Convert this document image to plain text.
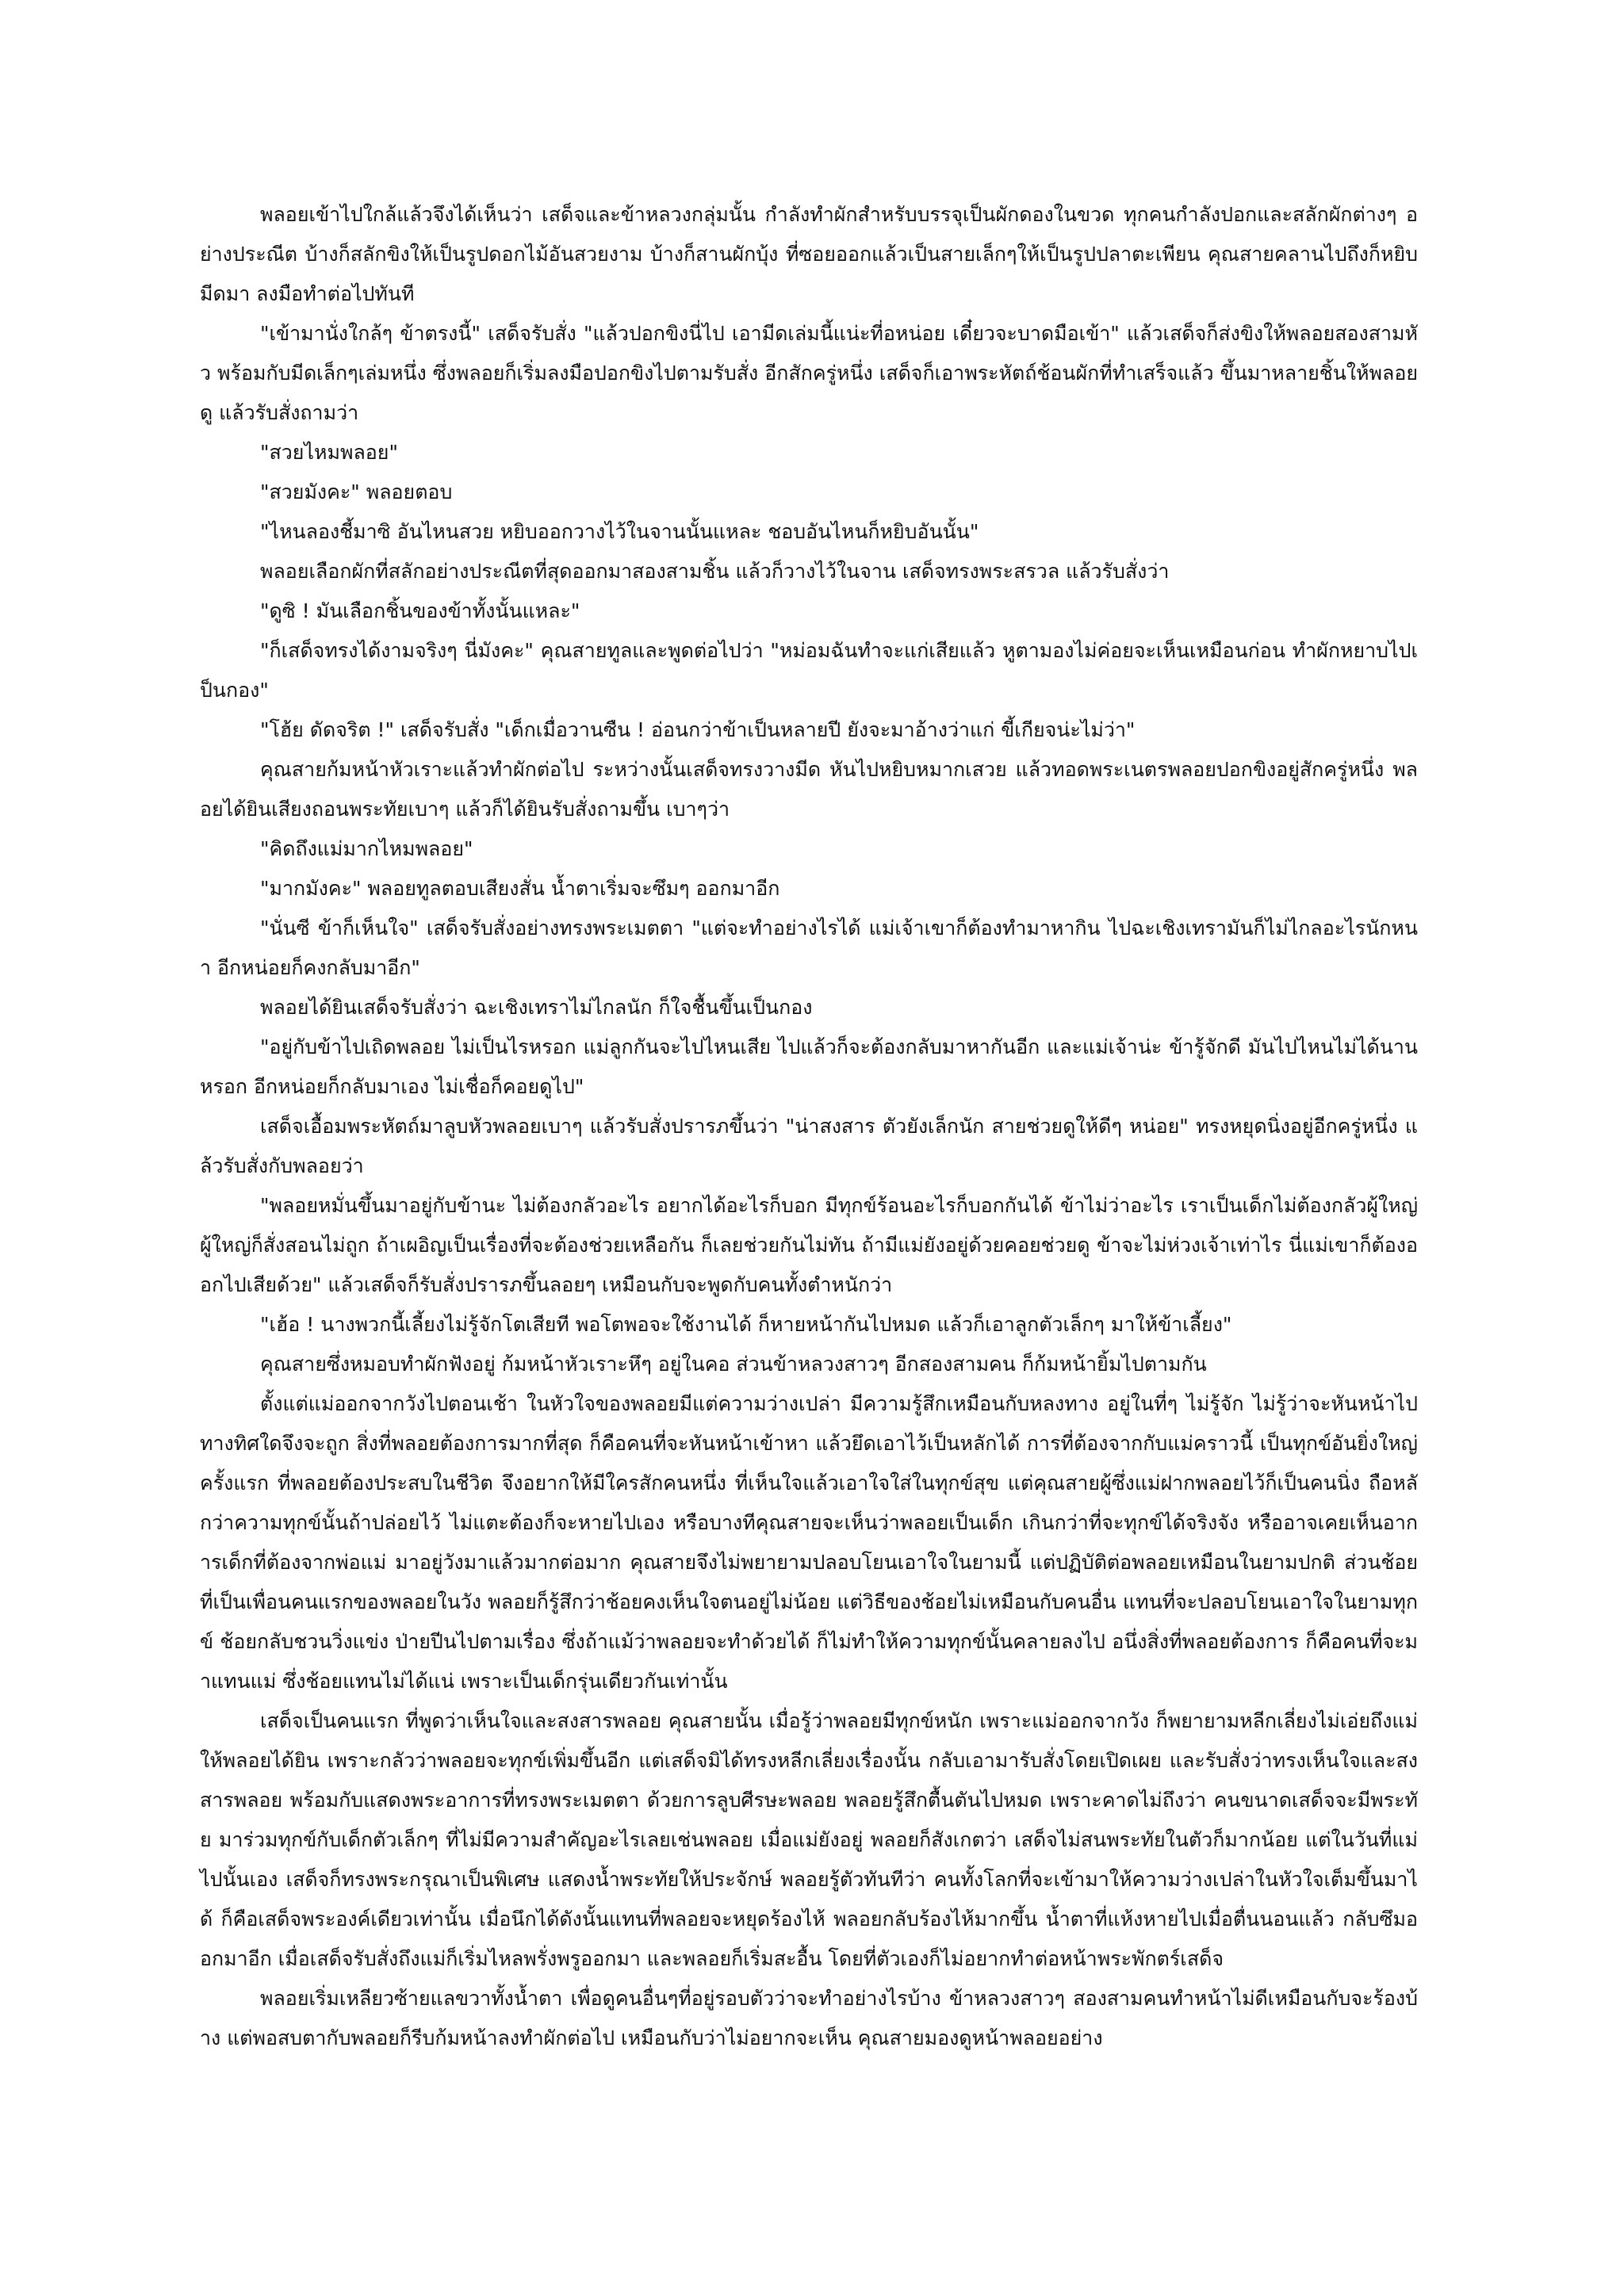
พลอยเข้าไปใกล้แล้วจึงได้เห็นว่า เสด็จและข้าหลวงกลุ่มนั้น กำลังทำผักสำหรับบรรจุเป็นผักดองในขวด ทุกคนกำลังปอกและสลักผักต่างๆ อย่างประณีต บ้างก็สลักขิงให้เป็นรูปดอกไม้อันสวยงาม บ้างก็สานผักบุ้ง ที่ซอยออกแล้วเป็นสายเล็กๆให้เป็นรูปปลาตะเพียน คุณสายคลานไปถึงก็หยิบมีดมา ลงมือทำต่อไปทันที

"เข้ามานั่งใกล้ๆ ข้าตรงนี้" เสด็จรับสั่ง "แล้วปอกขิงนี่ไป เอามีดเล่มนี้แน่ะที่อหน่อย เดี๋ยวจะบาดมือเข้า" แล้วเสด็จก็ส่งขิงให้พลอยสองสามหัว พร้อมกับมีดเล็กๆเล่มหนึ่ง ซึ่งพลอยก็เริ่มลงมือปอกขิงไปตามรับสั่ง อีกสักครู่หนึ่ง เสด็จก็เอาพระหัตถ์ช้อนผักที่ทำเสร็จแล้ว ขึ้นมาหลายชิ้นให้พลอยดู แล้วรับสั่งถามว่า

"สวยไหมพลอย"

"สวยมังคะ" พลอยตอบ

"ไหนลองชี้มาซิ อันไหนสวย หยิบออกวางไว้ในจานนั้นแหละ ชอบอันไหนก็หยิบอันนั้น"

พลอยเลือกผักที่สลักอย่างประณีตที่สุดออกมาสองสามชิ้น แล้วก็วางไว้ในจาน เสด็จทรงพระสรวล แล้วรับสั่งว่า

"ดูซิ ! มันเลือกชิ้นของข้าทั้งนั้นแหละ"

"ก็เสด็จทรงได้งามจริงๆ นี่มังคะ" คุณสายทูลและพูดต่อไปว่า "หม่อมฉันทำจะแก่เสียแล้ว หูตามองไม่ค่อยจะเห็นเหมือนก่อน ทำผักหยาบไปเป็นกอง"

"โฮ้ย ดัดจริต !" เสด็จรับสั่ง "เด็กเมื่อวานซืน ! อ่อนกว่าข้าเป็นหลายปี ยังจะมาอ้างว่าแก่ ขี้เกียจน่ะไม่ว่า"

คุณสายก้มหน้าหัวเราะแล้วทำผักต่อไป ระหว่างนั้นเสด็จทรงวางมีด หันไปหยิบหมากเสวย แล้วทอดพระเนตรพลอยปอกขิงอยู่สักครู่หนึ่ง พลอยได้ยินเสียงถอนพระทัยเบาๆ แล้วก็ได้ยินรับสั่งถามขึ้น เบาๆว่า

"คิดถึงแม่มากไหมพลอย"

"มากมังคะ" พลอยทูลตอบเสียงสั่น น้ำตาเริ่มจะซึมๆ ออกมาอีก

"นั่นซี ข้าก็เห็นใจ" เสด็จรับสั่งอย่างทรงพระเมตตา "แต่จะทำอย่างไรได้ แม่เจ้าเขาก็ต้องทำมาหากิน ไปฉะเชิงเทรามันก็ไม่ไกลอะไรนักหนา อีกหน่อยก็คงกลับมาอีก"

พลอยได้ยินเสด็จรับสั่งว่า ฉะเชิงเทราไม่ไกลนัก ก็ใจชื้นขึ้นเป็นกอง

"อยู่กับข้าไปเถิดพลอย ไม่เป็นไรหรอก แม่ลูกกันจะไปไหนเสีย ไปแล้วก็จะต้องกลับมาหากันอีก และแม่เจ้าน่ะ ข้ารู้จักดี มันไปไหนไม่ได้นานหรอก อีกหน่อยก็กลับมาเอง ไม่เชื่อก็คอยดูไป"

เสด็จเอื้อมพระหัตถ์มาลูบหัวพลอยเบาๆ แล้วรับสั่งปรารภขึ้นว่า "น่าสงสาร ตัวยังเล็กนัก สายช่วยดูให้ดีๆ หน่อย" ทรงหยุดนิ่งอยู่อีกครู่หนึ่ง แล้วรับสั่งกับพลอยว่า

"พลอยหมั่นขึ้นมาอยู่กับข้านะ ไม่ต้องกลัวอะไร อยากได้อะไรก็บอก มีทุกข์ร้อนอะไรก็บอกกันได้ ข้าไม่ว่าอะไร เราเป็นเด็กไม่ต้องกลัวผู้ใหญ่ ผู้ใหญ่ก็สั่งสอนไม่ถูก ถ้าเผอิญเป็นเรื่องที่จะต้องช่วยเหลือกัน ก็เลยช่วยกันไม่ทัน ถ้ามีแม่ยังอยู่ด้วยคอยช่วยดู ข้าจะไม่ห่วงเจ้าเท่าไร นี่แม่เขาก็ต้องออกไปเสียด้วย" แล้วเสด็จก็รับสั่งปรารภขึ้นลอยๆ เหมือนกับจะพูดกับคนทั้งตำหนักว่า

"เฮ้อ ! นางพวกนี้เลี้ยงไม่รู้จักโตเสียที พอโตพอจะใช้งานได้ ก็หายหน้ากันไปหมด แล้วก็เอาลูกตัวเล็กๆ มาให้ข้าเลี้ยง"

คุณสายซึ่งหมอบทำผักฟังอยู่ ก้มหน้าหัวเราะหึๆ อยู่ในคอ ส่วนข้าหลวงสาวๆ อีกสองสามคน ก็ก้มหน้ายิ้มไปตามกัน

ตั้งแต่แม่ออกจากวังไปตอนเช้า ในหัวใจของพลอยมีแต่ความว่างเปล่า มีความรู้สึกเหมือนกับหลงทาง อยู่ในที่ๆ ไม่รู้จัก ไม่รู้ว่าจะหันหน้าไปทางทิศใดจึงจะถูก สิ่งที่พลอยต้องการมากที่สุด ก็คือคนที่จะหันหน้าเข้าหา แล้วยึดเอาไว้เป็นหลักได้ การที่ต้องจากกับแม่คราวนี้ เป็นทุกข์อันยิ่งใหญ่ครั้งแรก ที่พลอยต้องประสบในชีวิต จึงอยากให้มีใครสักคนหนึ่ง ที่เห็นใจแล้วเอาใจใส่ในทุกข์สุข แต่คุณสายผู้ซึ่งแม่ฝากพลอยไว้ก็เป็นคนนิ่ง ถือหลักว่าความทุกข์นั้นถ้าปล่อยไว้ ไม่แตะต้องก็จะหายไปเอง หรือบางทีคุณสายจะเห็นว่าพลอยเป็นเด็ก เกินกว่าที่จะทุกข์ได้จริงจัง หรืออาจเคยเห็นอาการเด็กที่ต้องจากพ่อแม่ มาอยู่วังมาแล้วมากต่อมาก คุณสายจึงไม่พยายามปลอบโยนเอาใจในยามนี้ แต่ปฏิบัติต่อพลอยเหมือนในยามปกติ ส่วนช้อยที่เป็นเพื่อนคนแรกของพลอยในวัง พลอยก็รู้สึกว่าช้อยคงเห็นใจตนอยู่ไม่น้อย แต่วิธีของช้อยไม่เหมือนกับคนอื่น แทนที่จะปลอบโยนเอาใจในยามทุกข์ ช้อยกลับชวนวิ่งแข่ง ป่ายปีนไปตามเรื่อง ซึ่งถ้าแม้ว่าพลอยจะทำด้วยได้ ก็ไม่ทำให้ความทุกข์นั้นคลายลงไป อนึ่งสิ่งที่พลอยต้องการ ก็คือคนที่จะมาแทนแม่ ซึ่งช้อยแทนไม่ได้แน่ เพราะเป็นเด็กรุ่นเดียวกันเท่านั้น

เสด็จเป็นคนแรก ที่พูดว่าเห็นใจและสงสารพลอย คุณสายนั้น เมื่อรู้ว่าพลอยมีทุกข์หนัก เพราะแม่ออกจากวัง ก็พยายามหลีกเลี่ยงไม่เอ่ยถึงแม่ให้พลอยได้ยิน เพราะกลัวว่าพลอยจะทุกข์เพิ่มขึ้นอีก แต่เสด็จมิได้ทรงหลีกเลี่ยงเรื่องนั้น กลับเอามารับสั่งโดยเปิดเผย และรับสั่งว่าทรงเห็นใจและสงสารพลอย พร้อมกับแสดงพระอาการที่ทรงพระเมตตา ด้วยการลูบศีรษะพลอย พลอยรู้สึกตื้นตันไปหมด เพราะคาดไม่ถึงว่า คนขนาดเสด็จจะมีพระทัย มาร่วมทุกข์กับเด็กตัวเล็กๆ ที่ไม่มีความสำคัญอะไรเลยเช่นพลอย เมื่อแม่ยังอยู่ พลอยก็สังเกตว่า เสด็จไม่สนพระทัยในตัวก็มากน้อย แต่ในวันที่แม่ไปนั้นเอง เสด็จก็ทรงพระกรุณาเป็นพิเศษ แสดงน้ำพระทัยให้ประจักษ์ พลอยรู้ตัวทันทีว่า คนทั้งโลกที่จะเข้ามาให้ความว่างเปล่าในหัวใจเต็มขึ้นมาได้ ก็คือเสด็จพระองค์เดียวเท่านั้น เมื่อนึกได้ดังนั้นแทนที่พลอยจะหยุดร้องไห้ พลอยกลับร้องไห้มากขึ้น น้ำตาที่แห้งหายไปเมื่อตื่นนอนแล้ว กลับซึมออกมาอีก เมื่อเสด็จรับสั่งถึงแม่ก็เริ่มไหลพรั่งพรูออกมา และพลอยก็เริ่มสะอื้น โดยที่ตัวเองก็ไม่อยากทำต่อหน้าพระพักตร์เสด็จ

พลอยเริ่มเหลียวซ้ายแลขวาทั้งน้ำตา เพื่อดูคนอื่นๆที่อยู่รอบตัวว่าจะทำอย่างไรบ้าง ข้าหลวงสาวๆ สองสามคนทำหน้าไม่ดีเหมือนกับจะร้องบ้าง แต่พอสบตากับพลอยก็รีบก้มหน้าลงทำผักต่อไป เหมือนกับว่าไม่อยากจะเห็น คุณสายมองดูหน้าพลอยอย่าง
